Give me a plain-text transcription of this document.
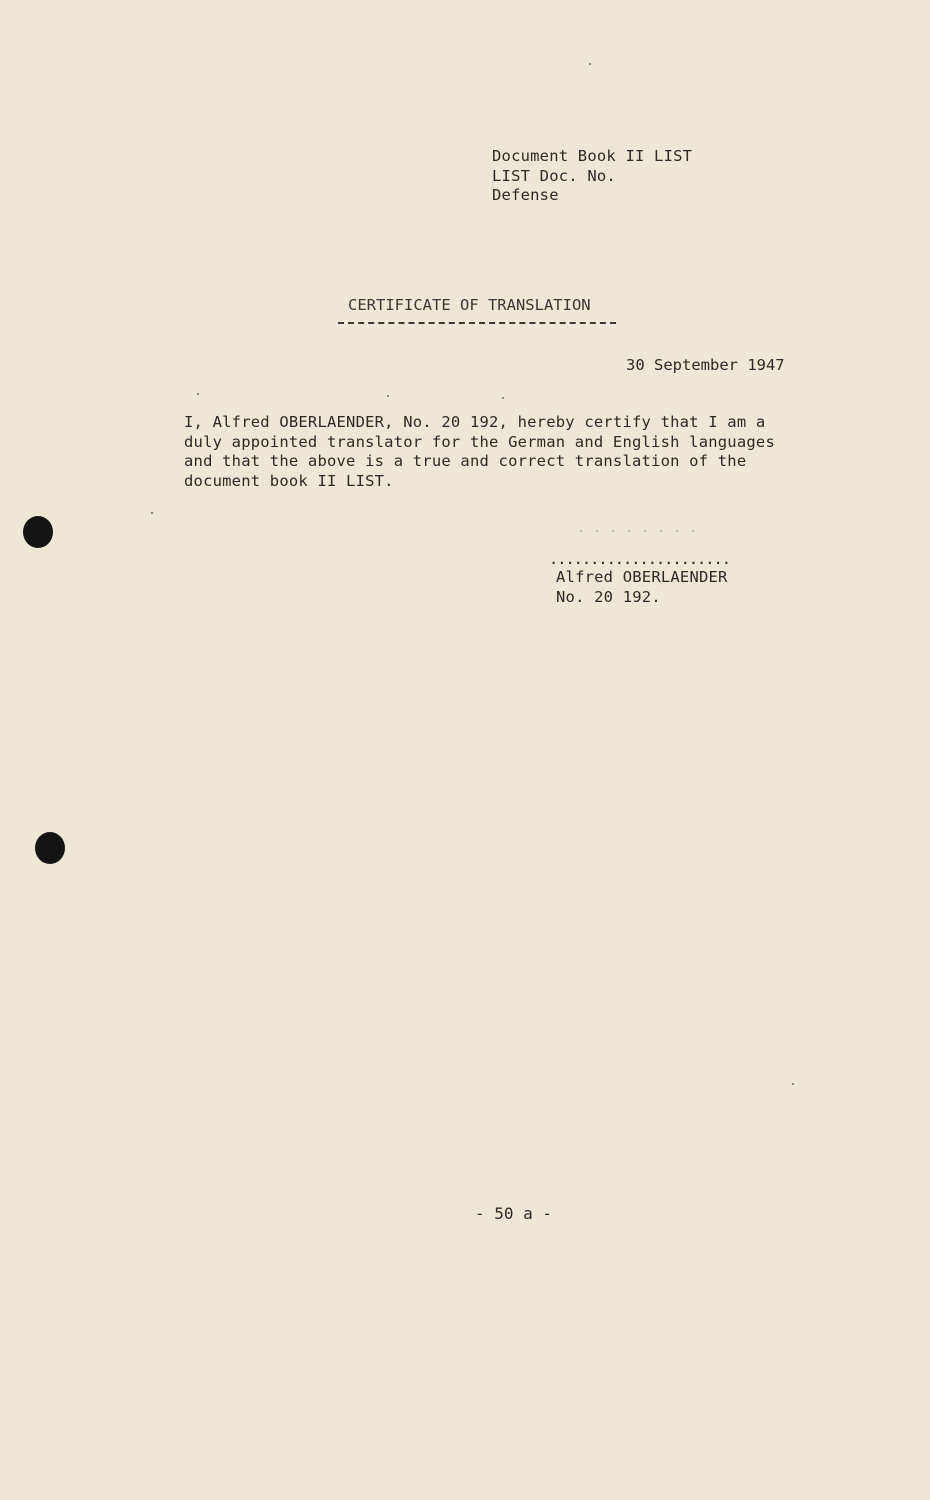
Document Book II LIST
LIST Doc. No.
Defense
CERTIFICATE OF TRANSLATION
30 September 1947
I, Alfred OBERLAENDER, No. 20 192, hereby certify that I am a
duly appointed translator for the German and English languages
and that the above is a true and correct translation of the
document book II LIST.
. . . . . . . .
......................
Alfred OBERLAENDER
No. 20 192.
- 50 a -
